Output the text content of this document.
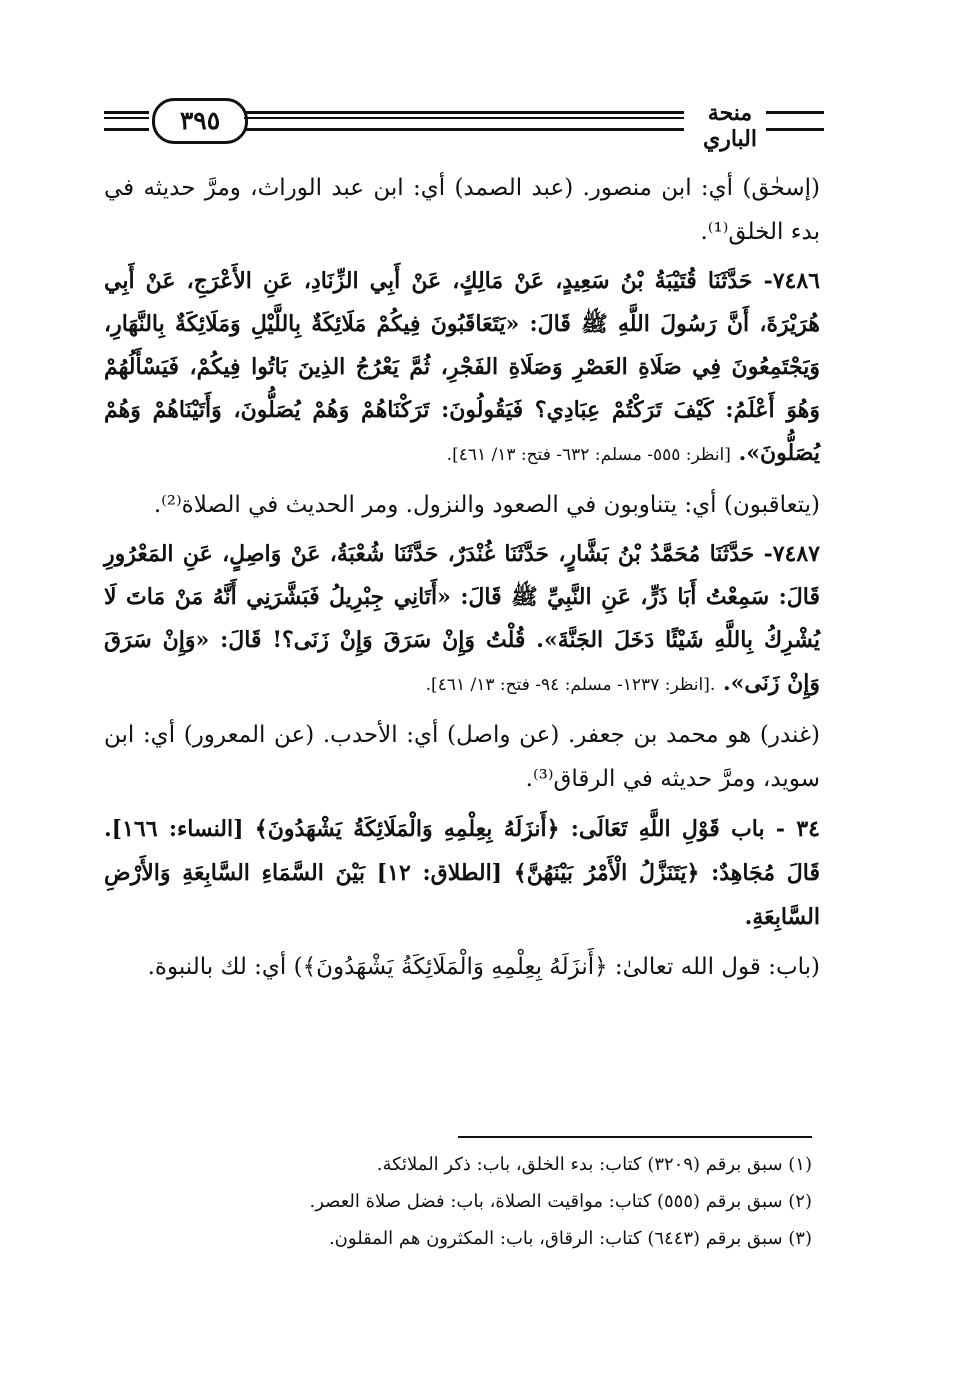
٣٩٥	منحة الباري

(إسحٰق) أي: ابن منصور. (عبد الصمد) أي: ابن عبد الوراث، ومرَّ حديثه في بدء الخلق⁽¹⁾.

٧٤٨٦- حَدَّثَنَا قُتَيْبَةُ بْنُ سَعِيدٍ، عَنْ مَالِكٍ، عَنْ أَبِي الزِّنَادِ، عَنِ الأَعْرَجِ، عَنْ أَبِي هُرَيْرَةَ، أَنَّ رَسُولَ اللَّهِ ﷺ قَالَ: «يَتَعَاقَبُونَ فِيكُمْ مَلَائِكَةٌ بِاللَّيْلِ وَمَلَائِكَةٌ بِالنَّهَارِ، وَيَجْتَمِعُونَ فِي صَلَاةِ العَصْرِ وَصَلَاةِ الفَجْرِ، ثُمَّ يَعْرُجُ الذِينَ بَاتُوا فِيكُمْ، فَيَسْأَلُهُمْ وَهُوَ أَعْلَمُ: كَيْفَ تَرَكْتُمْ عِبَادِي؟ فَيَقُولُونَ: تَرَكْنَاهُمْ وَهُمْ يُصَلُّونَ، وَأَتَيْنَاهُمْ وَهُمْ يُصَلُّونَ». [انظر: ٥٥٥- مسلم: ٦٣٢- فتح: ١٣/ ٤٦١].

(يتعاقبون) أي: يتناوبون في الصعود والنزول. ومر الحديث في الصلاة⁽²⁾.

٧٤٨٧- حَدَّثَنَا مُحَمَّدُ بْنُ بَشَّارٍ، حَدَّثَنَا غُنْدَرٌ، حَدَّثَنَا شُعْبَةُ، عَنْ وَاصِلٍ، عَنِ المَعْرُورِ قَالَ: سَمِعْتُ أَبَا ذَرٍّ، عَنِ النَّبِيِّ ﷺ قَالَ: «أَتَانِي جِبْرِيلُ فَبَشَّرَنِي أَنَّهُ مَنْ مَاتَ لَا يُشْرِكُ بِاللَّهِ شَيْئًا دَخَلَ الجَنَّةَ». قُلْتُ وَإِنْ سَرَقَ وَإِنْ زَنَى؟! قَالَ: «وَإِنْ سَرَقَ وَإِنْ زَنَى». .[انظر: ١٢٣٧- مسلم: ٩٤- فتح: ١٣/ ٤٦١].

(غندر) هو محمد بن جعفر. (عن واصل) أي: الأحدب. (عن المعرور) أي: ابن سويد، ومرَّ حديثه في الرقاق⁽³⁾.

٣٤ - باب قَوْلِ اللَّهِ تَعَالَى: ﴿أَنزَلَهُ بِعِلْمِهِ وَالْمَلَائِكَةُ يَشْهَدُونَ﴾ [النساء: ١٦٦]. قَالَ مُجَاهِدٌ: ﴿يَتَنَزَّلُ الْأَمْرُ بَيْنَهُنَّ﴾ [الطلاق: ١٢] بَيْنَ السَّمَاءِ السَّابِعَةِ وَالأَرْضِ السَّابِعَةِ.

(باب: قول الله تعالىٰ: ﴿أَنزَلَهُ بِعِلْمِهِ وَالْمَلَائِكَةُ يَشْهَدُونَ﴾) أي: لك بالنبوة.

(١) سبق برقم (٣٢٠٩) كتاب: بدء الخلق، باب: ذكر الملائكة.

(٢) سبق برقم (٥٥٥) كتاب: مواقيت الصلاة، باب: فضل صلاة العصر.

(٣) سبق برقم (٦٤٤٣) كتاب: الرقاق، باب: المكثرون هم المقلون.
